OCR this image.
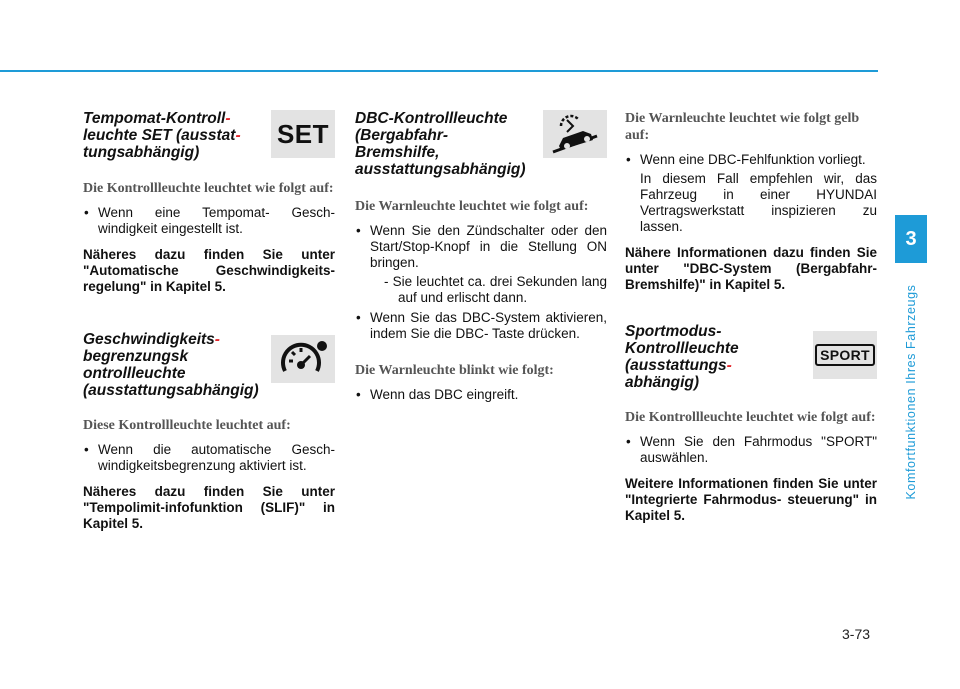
Tempomat-Kontroll-
leuchte SET (ausstat-
tungsabhängig)
SET
Die Kontrollleuchte leuchtet wie folgt auf:
• Wenn eine Tempomat- Gesch- windigkeit eingestellt ist.
Näheres dazu finden Sie unter "Automatische Geschwindigkeits- regelung" in Kapitel 5.
Geschwindigkeits-
begrenzungsk
ontrollleuchte
(ausstattungsabhängig)
Diese Kontrollleuchte leuchtet auf:
• Wenn die automatische Gesch- windigkeitsbegrenzung aktiviert ist.
Näheres dazu finden Sie unter "Tempolimit-infofunktion (SLIF)" in Kapitel 5.
DBC-Kontrollleuchte
(Bergabfahr-
Bremshilfe,
ausstattungsabhängig)
Die Warnleuchte leuchtet wie folgt auf:
• Wenn Sie den Zündschalter oder den Start/Stop-Knopf in die Stellung ON bringen.
- Sie leuchtet ca. drei Sekunden lang auf und erlischt dann.
• Wenn Sie das DBC-System aktivieren, indem Sie die DBC- Taste drücken.
Die Warnleuchte blinkt wie folgt:
• Wenn das DBC eingreift.
Die Warnleuchte leuchtet wie folgt gelb auf:
• Wenn eine DBC-Fehlfunktion vorliegt.
In diesem Fall empfehlen wir, das Fahrzeug in einer HYUNDAI Vertragswerkstatt inspizieren zu lassen.
Nähere Informationen dazu finden Sie unter "DBC-System (Bergabfahr-Bremshilfe)" in Kapitel 5.
Sportmodus-
Kontrollleuchte
(ausstattungs-
abhängig)
SPORT
Die Kontrollleuchte leuchtet wie folgt auf:
• Wenn Sie den Fahrmodus "SPORT" auswählen.
Weitere Informationen finden Sie unter "Integrierte Fahrmodus- steuerung" in Kapitel 5.
3
Komfortfunktionen Ihres Fahrzeugs
3-73
